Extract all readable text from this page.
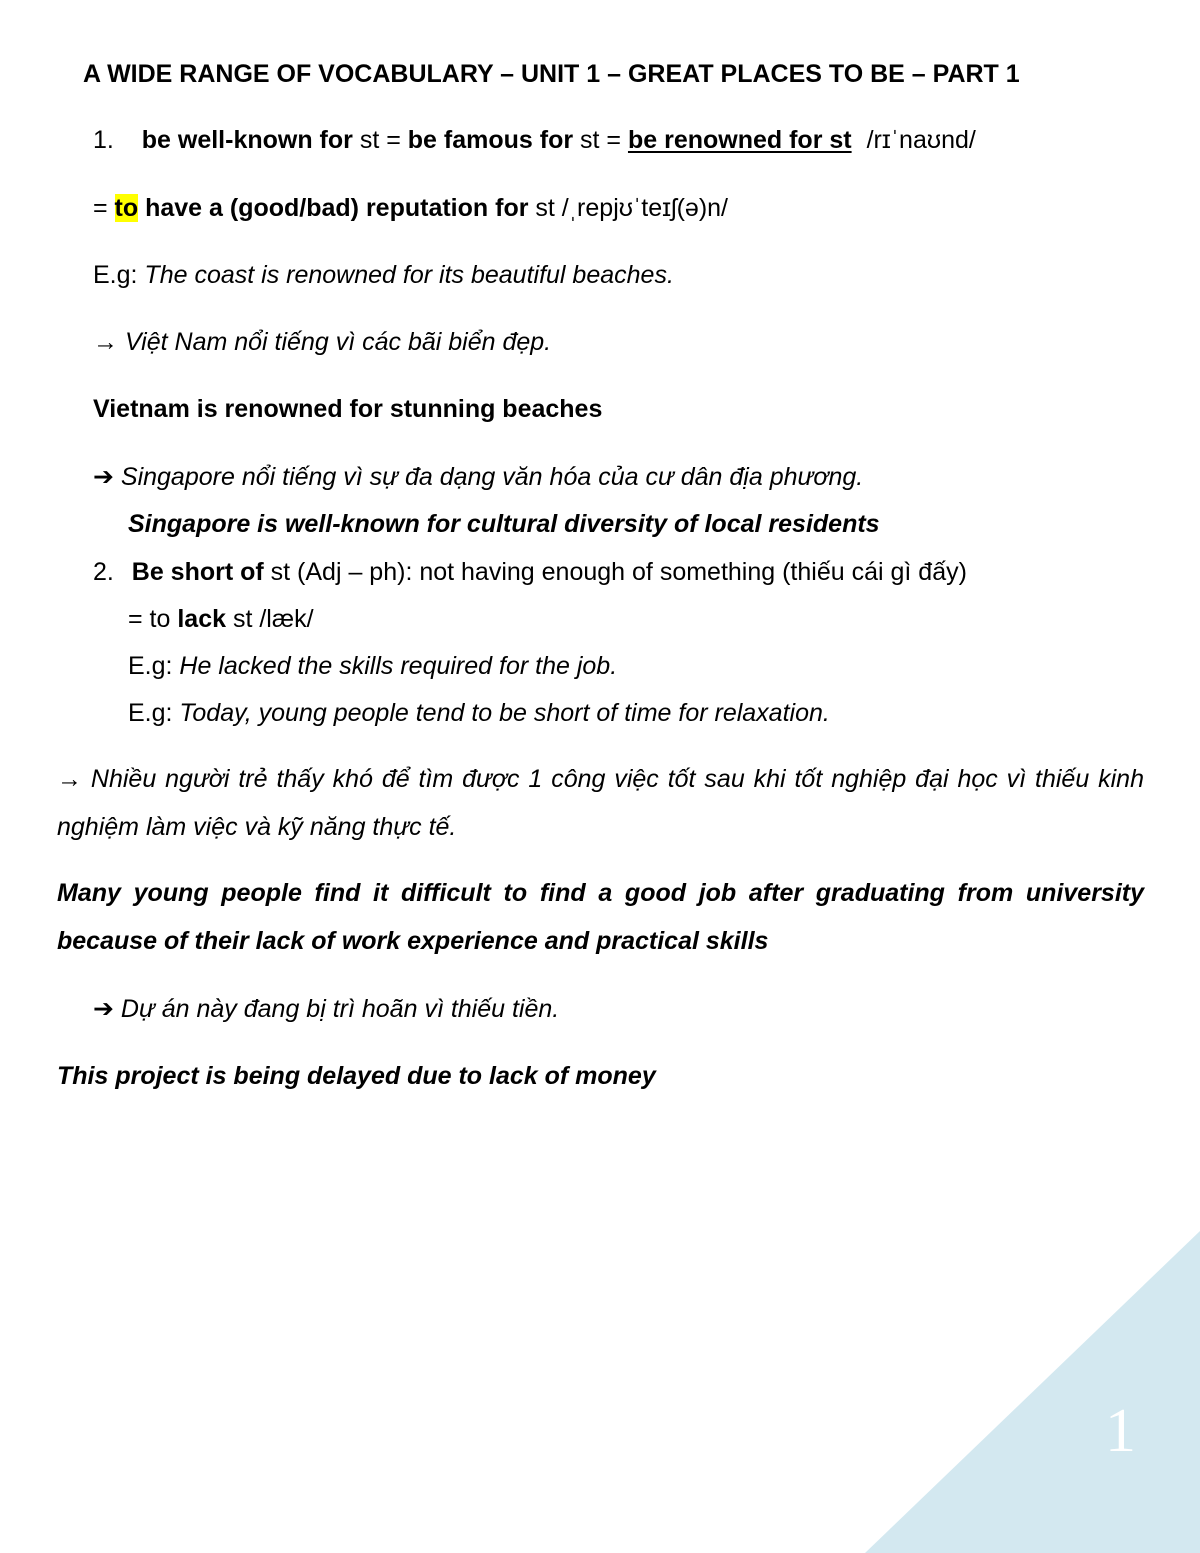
A WIDE RANGE OF VOCABULARY – UNIT 1 – GREAT PLACES TO BE – PART 1
1. be well-known for st = be famous for st = be renowned for st /rɪˈnaʊnd/
= to have a (good/bad) reputation for st /ˌrepjʊˈteɪʃ(ə)n/
E.g: The coast is renowned for its beautiful beaches.
→ Việt Nam nổi tiếng vì các bãi biển đẹp.
Vietnam is renowned for stunning beaches
➔ Singapore nổi tiếng vì sự đa dạng văn hóa của cư dân địa phương.
Singapore is well-known for cultural diversity of local residents
2. Be short of st (Adj – ph): not having enough of something (thiếu cái gì đấy)
= to lack st /læk/
E.g: He lacked the skills required for the job.
E.g: Today, young people tend to be short of time for relaxation.
→ Nhiều người trẻ thấy khó để tìm được 1 công việc tốt sau khi tốt nghiệp đại học vì thiếu kinh nghiệm làm việc và kỹ năng thực tế.
Many young people find it difficult to find a good job after graduating from university because of their lack of work experience and practical skills
➔ Dự án này đang bị trì hoãn vì thiếu tiền.
This project is being delayed due to lack of money
1
